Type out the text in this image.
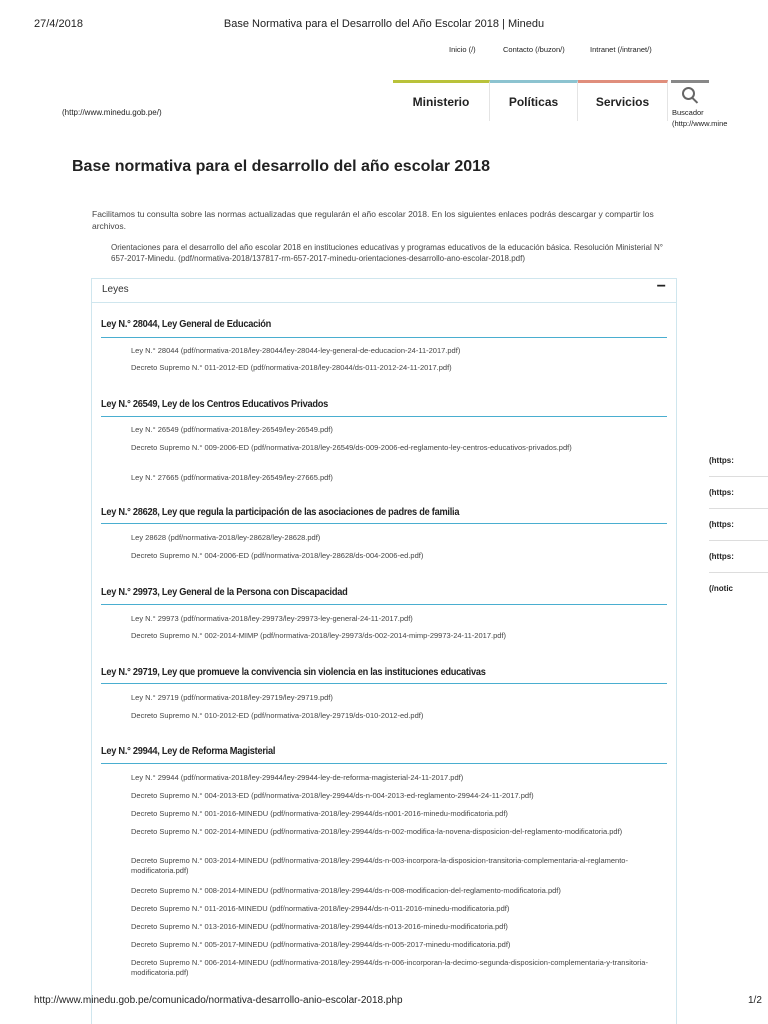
27/4/2018	Base Normativa para el Desarrollo del Año Escolar 2018 | Minedu
Inicio (/)	Contacto (/buzon/)	Intranet (/intranet/)
(http://www.minedu.gob.pe/)
Ministerio	Políticas	Servicios
Buscador
(http://www.mine
Base normativa para el desarrollo del año escolar 2018
Facilitamos tu consulta sobre las normas actualizadas que regularán el año escolar 2018. En los siguientes enlaces podrás descargar y compartir los archivos.
Orientaciones para el desarrollo del año escolar 2018 en instituciones educativas y programas educativos de la educación básica. Resolución Ministerial N° 657-2017-Minedu. (pdf/normativa-2018/137817-rm-657-2017-minedu-orientaciones-desarrollo-ano-escolar-2018.pdf)
Leyes	−
Ley N.° 28044, Ley General de Educación
Ley N.° 28044 (pdf/normativa-2018/ley-28044/ley-28044-ley-general-de-educacion-24-11-2017.pdf)
Decreto Supremo N.° 011-2012-ED (pdf/normativa-2018/ley-28044/ds-011-2012-24-11-2017.pdf)
Ley N.° 26549, Ley de los Centros Educativos Privados
Ley N.° 26549 (pdf/normativa-2018/ley-26549/ley-26549.pdf)
Decreto Supremo N.° 009-2006-ED (pdf/normativa-2018/ley-26549/ds-009-2006-ed-reglamento-ley-centros-educativos-privados.pdf)
Ley N.° 27665 (pdf/normativa-2018/ley-26549/ley-27665.pdf)
Ley N.° 28628, Ley que regula la participación de las asociaciones de padres de familia
Ley 28628 (pdf/normativa-2018/ley-28628/ley-28628.pdf)
Decreto Supremo N.° 004-2006-ED (pdf/normativa-2018/ley-28628/ds-004-2006-ed.pdf)
Ley N.° 29973, Ley General de la Persona con Discapacidad
Ley N.° 29973 (pdf/normativa-2018/ley-29973/ley-29973-ley-general-24-11-2017.pdf)
Decreto Supremo N.° 002-2014-MIMP (pdf/normativa-2018/ley-29973/ds-002-2014-mimp-29973-24-11-2017.pdf)
Ley N.° 29719, Ley que promueve la convivencia sin violencia en las instituciones educativas
Ley N.° 29719 (pdf/normativa-2018/ley-29719/ley-29719.pdf)
Decreto Supremo N.° 010-2012-ED (pdf/normativa-2018/ley-29719/ds-010-2012-ed.pdf)
Ley N.° 29944, Ley de Reforma Magisterial
Ley N.° 29944 (pdf/normativa-2018/ley-29944/ley-29944-ley-de-reforma-magisterial-24-11-2017.pdf)
Decreto Supremo N.° 004-2013-ED (pdf/normativa-2018/ley-29944/ds-n-004-2013-ed-reglamento-29944-24-11-2017.pdf)
Decreto Supremo N.° 001-2016-MINEDU (pdf/normativa-2018/ley-29944/ds-n001-2016-minedu-modificatoria.pdf)
Decreto Supremo N.° 002-2014-MINEDU (pdf/normativa-2018/ley-29944/ds-n-002-modifica-la-novena-disposicion-del-reglamento-modificatoria.pdf)
Decreto Supremo N.° 003-2014-MINEDU (pdf/normativa-2018/ley-29944/ds-n-003-incorpora-la-disposicion-transitoria-complementaria-al-reglamento-modificatoria.pdf)
Decreto Supremo N.° 008-2014-MINEDU (pdf/normativa-2018/ley-29944/ds-n-008-modificacion-del-reglamento-modificatoria.pdf)
Decreto Supremo N.° 011-2016-MINEDU (pdf/normativa-2018/ley-29944/ds-n-011-2016-minedu-modificatoria.pdf)
Decreto Supremo N.° 013-2016-MINEDU (pdf/normativa-2018/ley-29944/ds-n013-2016-minedu-modificatoria.pdf)
Decreto Supremo N.° 005-2017-MINEDU (pdf/normativa-2018/ley-29944/ds-n-005-2017-minedu-modificatoria.pdf)
Decreto Supremo N.° 006-2014-MINEDU (pdf/normativa-2018/ley-29944/ds-n-006-incorporan-la-decimo-segunda-disposicion-complementaria-y-transitoria-modificatoria.pdf)
(https:
(https:
(https:
(https:
(/notic
http://www.minedu.gob.pe/comunicado/normativa-desarrollo-anio-escolar-2018.php	1/2
